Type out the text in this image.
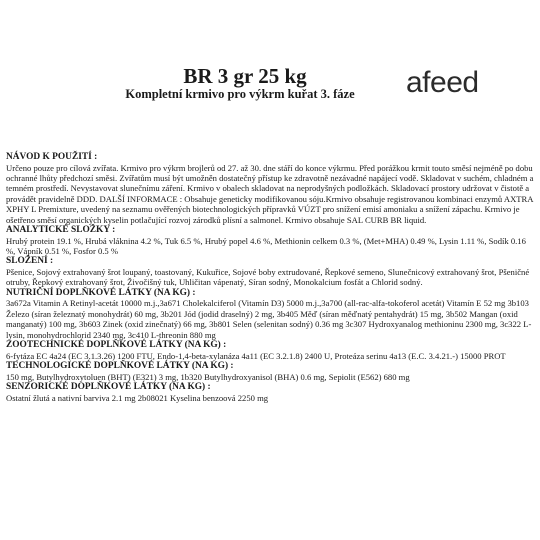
BR 3 gr 25 kg
Kompletní krmivo pro výkrm kuřat 3. fáze	afeed
NÁVOD K POUŽITÍ :

Určeno pouze pro cílová zvířata. Krmivo pro výkrm brojlerů od 27. až 30. dne stáří do konce výkrmu. Před porážkou krmit touto směsí nejméně po dobu ochranné lhůty předchozí směsi. Zvířatům musí být umožněn dostatečný přístup ke zdravotně nezávadné napájecí vodě. Skladovat v suchém, chladném a temném prostředí. Nevystavovat slunečnímu záření. Krmivo v obalech skladovat na neprodyšných podložkách. Skladovací prostory udržovat v čistotě a provádět pravidelně DDD. DALŠÍ INFORMACE : Obsahuje geneticky modifikovanou sóju.Krmivo obsahuje registrovanou kombinaci enzymů AXTRA XPHY L Premixture, uvedený na seznamu ověřených biotechnologických přípravků VÚZT pro snížení emisí amoniaku a snížení zápachu. Krmivo je ošetřeno směsí organických kyselin potlačující rozvoj zárodků plísní a salmonel. Krmivo obsahuje SAL CURB BR liquid.

ANALYTICKÉ SLOŽKY :

Hrubý protein 19.1 %, Hrubá vláknina 4.2 %, Tuk 6.5 %, Hrubý popel 4.6 %, Methionin celkem 0.3 %, (Met+MHA) 0.49 %, Lysin 1.11 %, Sodík 0.16 %, Vápník 0.51 %, Fosfor 0.5 %

SLOŽENÍ :

Pšenice, Sojový extrahovaný šrot loupaný, toastovaný, Kukuřice, Sojové boby extrudované, Řepkové semeno, Slunečnicový extrahovaný šrot, Pšeničné otruby, Řepkový extrahovaný šrot, Živočišný tuk, Uhličitan vápenatý, Síran sodný, Monokalcium fosfát a Chlorid sodný.

NUTRIČNÍ DOPLŇKOVÉ LÁTKY (NA KG) :

3a672a Vitamin A Retinyl-acetát 10000 m.j.,3a671 Cholekalciferol (Vitamín D3) 5000 m.j.,3a700 (all-rac-alfa-tokoferol acetát) Vitamín E 52 mg 3b103 Železo (síran železnatý monohydrát) 60 mg, 3b201 Jód (jodid draselný) 2 mg, 3b405 Měď (síran měďnatý pentahydrát) 15 mg, 3b502 Mangan (oxid manganatý) 100 mg, 3b603 Zinek (oxid zinečnatý) 66 mg, 3b801 Selen (selenitan sodný) 0.36 mg 3c307 Hydroxyanalog methioninu 2300 mg, 3c322 L-lysin, monohydrochlorid 2340 mg, 3c410 L-threonin 880 mg

ZOOTECHNICKÉ DOPLŇKOVÉ LÁTKY (NA KG) :

6-fytáza EC 4a24 (EC 3.1.3.26) 1200 FTU, Endo-1,4-beta-xylanáza 4a11 (EC 3.2.1.8) 2400 U, Proteáza serinu 4a13 (E.C. 3.4.21.-) 15000 PROT

TECHNOLOGICKÉ DOPLŇKOVÉ LÁTKY (NA KG) :

150 mg, Butylhydroxytoluen (BHT) (E321) 3 mg, 1b320 Butylhydroxyanisol (BHA) 0.6 mg, Sepiolit (E562) 680 mg

SENZORICKÉ DOPLŇKOVÉ LÁTKY (NA KG) :

Ostatní žlutá a nativní barviva 2.1 mg 2b08021 Kyselina benzoová 2250 mg
